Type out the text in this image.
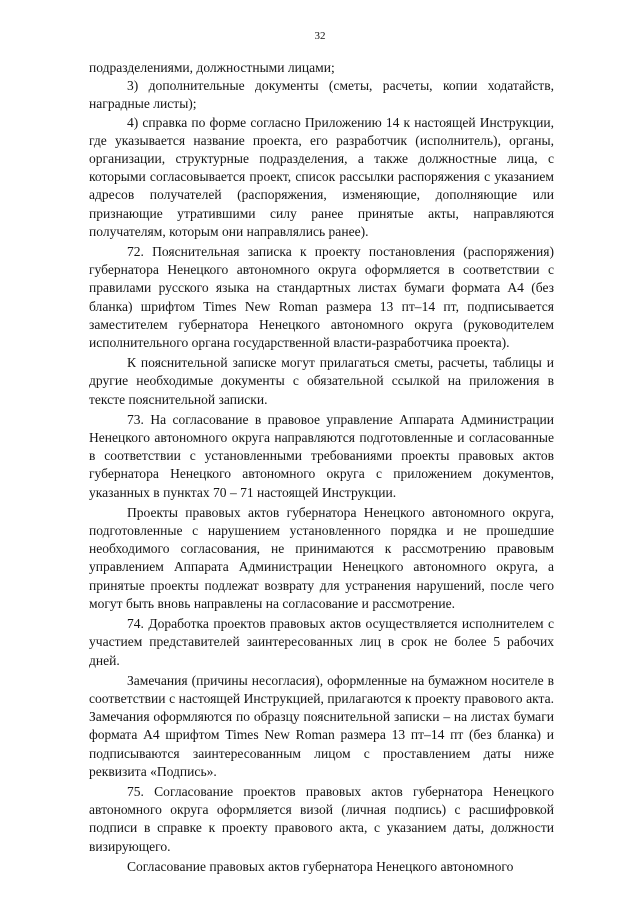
32

подразделениями, должностными лицами;

3) дополнительные документы (сметы, расчеты, копии ходатайств, наградные листы);

4) справка по форме согласно Приложению 14 к настоящей Инструкции, где указывается название проекта, его разработчик (исполнитель), органы, организации, структурные подразделения, а также должностные лица, с которыми согласовывается проект, список рассылки распоряжения с указанием адресов получателей (распоряжения, изменяющие, дополняющие или признающие утратившими силу ранее принятые акты, направляются получателям, которым они направлялись ранее).

72. Пояснительная записка к проекту постановления (распоряжения) губернатора Ненецкого автономного округа оформляется в соответствии с правилами русского языка на стандартных листах бумаги формата А4 (без бланка) шрифтом Times New Roman размера 13 пт–14 пт, подписывается заместителем губернатора Ненецкого автономного округа (руководителем исполнительного органа государственной власти-разработчика проекта).

К пояснительной записке могут прилагаться сметы, расчеты, таблицы и другие необходимые документы с обязательной ссылкой на приложения в тексте пояснительной записки.

73. На согласование в правовое управление Аппарата Администрации Ненецкого автономного округа направляются подготовленные и согласованные в соответствии с установленными требованиями проекты правовых актов губернатора Ненецкого автономного округа с приложением документов, указанных в пунктах 70 – 71 настоящей Инструкции.

Проекты правовых актов губернатора Ненецкого автономного округа, подготовленные с нарушением установленного порядка и не прошедшие необходимого согласования, не принимаются к рассмотрению правовым управлением Аппарата Администрации Ненецкого автономного округа, а принятые проекты подлежат возврату для устранения нарушений, после чего могут быть вновь направлены на согласование и рассмотрение.

74. Доработка проектов правовых актов осуществляется исполнителем с участием представителей заинтересованных лиц в срок не более 5 рабочих дней.

Замечания (причины несогласия), оформленные на бумажном носителе в соответствии с настоящей Инструкцией, прилагаются к проекту правового акта. Замечания оформляются по образцу пояснительной записки – на листах бумаги формата А4 шрифтом Times New Roman размера 13 пт–14 пт (без бланка) и подписываются заинтересованным лицом с проставлением даты ниже реквизита «Подпись».

75. Согласование проектов правовых актов губернатора Ненецкого автономного округа оформляется визой (личная подпись) с расшифровкой подписи в справке к проекту правового акта, с указанием даты, должности визирующего.

Согласование правовых актов губернатора Ненецкого автономного
